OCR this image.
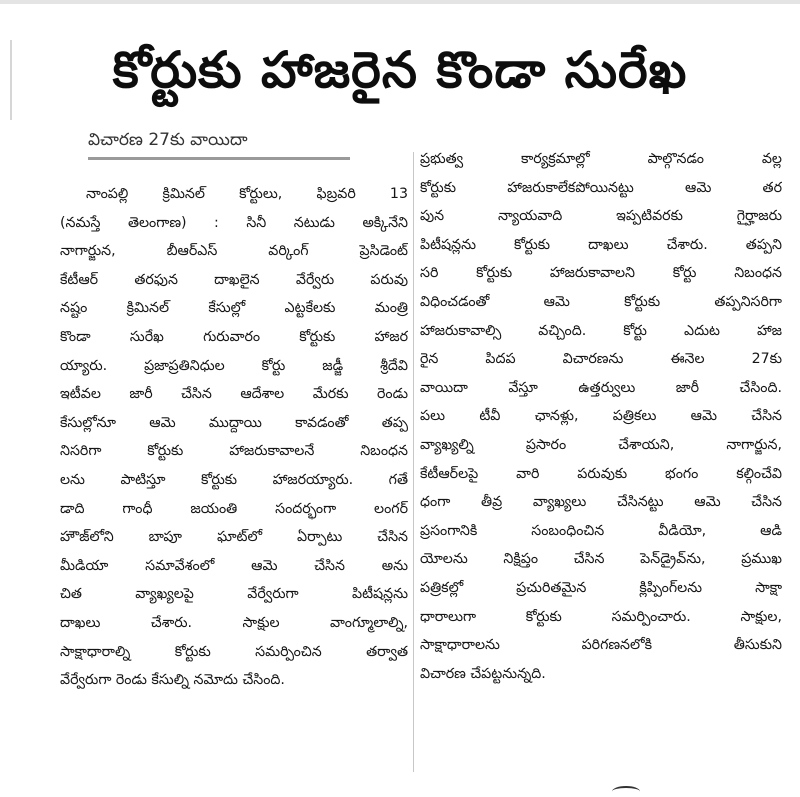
కోర్టుకు హాజరైన కొండా సురేఖ
విచారణ 27కు వాయిదా
నాంపల్లి క్రిమినల్ కోర్టులు, ఫిబ్రవరి 13
(నమస్తే తెలంగాణ) : సినీ నటుడు అక్కినేని
నాగార్జున, బీఆర్‌ఎస్ వర్కింగ్ ప్రెసిడెంట్
కేటీఆర్ తరఫున దాఖలైన వేర్వేరు పరువు
నష్టం క్రిమినల్ కేసుల్లో ఎట్టకేలకు మంత్రి
కొండా సురేఖ గురువారం కోర్టుకు హాజర
య్యారు. ప్రజాప్రతినిధుల కోర్టు జడ్జీ శ్రీదేవి
ఇటీవల జారీ చేసిన ఆదేశాల మేరకు రెండు
కేసుల్లోనూ ఆమె ముద్దాయి కావడంతో తప్ప
నిసరిగా కోర్టుకు హాజరుకావాలనే నిబంధన
లను పాటిస్తూ కోర్టుకు హాజరయ్యారు. గతే
డాది గాంధీ జయంతి సందర్భంగా లంగర్
హౌజ్‌లోని బాపూ ఘాట్‌లో ఏర్పాటు చేసిన
మీడియా సమావేశంలో ఆమె చేసిన అను
చిత వ్యాఖ్యలపై వేర్వేరుగా పిటీషన్లను
దాఖలు చేశారు. సాక్షుల వాంగ్మూలాల్ని,
సాక్షాధారాల్ని కోర్టుకు సమర్పించిన తర్వాత
వేర్వేరుగా రెండు కేసుల్ని నమోదు చేసింది.
ప్రభుత్వ కార్యక్రమాల్లో పాల్గొనడం వల్ల
కోర్టుకు హాజరుకాలేకపోయినట్టు ఆమె తర
పున న్యాయవాది ఇప్పటివరకు గైర్హాజరు
పిటీషన్లను కోర్టుకు దాఖలు చేశారు. తప్పని
సరి కోర్టుకు హాజరుకావాలని కోర్టు నిబంధన
విధించడంతో ఆమె కోర్టుకు తప్పనిసరిగా
హాజరుకావాల్సి వచ్చింది. కోర్టు ఎదుట హాజ
రైన పిదప విచారణను ఈనెల 27కు
వాయిదా వేస్తూ ఉత్తర్వులు జారీ చేసింది.
పలు టీవీ ఛానళ్లు, పత్రికలు ఆమె చేసిన
వ్యాఖ్యల్ని ప్రసారం చేశాయని, నాగార్జున,
కేటీఆర్‌లపై వారి పరువుకు భంగం కల్గించేవి
ధంగా తీవ్ర వ్యాఖ్యలు చేసినట్టు ఆమె చేసిన
ప్రసంగానికి సంబంధించిన వీడియో, ఆడి
యోలను నిక్షిప్తం చేసిన పెన్‌డ్రైవ్‌ను, ప్రముఖ
పత్రికల్లో ప్రచురితమైన క్లిప్పింగ్‌లను సాక్షా
ధారాలుగా కోర్టుకు సమర్పించారు. సాక్షుల,
సాక్షాధారాలను పరిగణనలోకి తీసుకుని
విచారణ చేపట్టనున్నది.
